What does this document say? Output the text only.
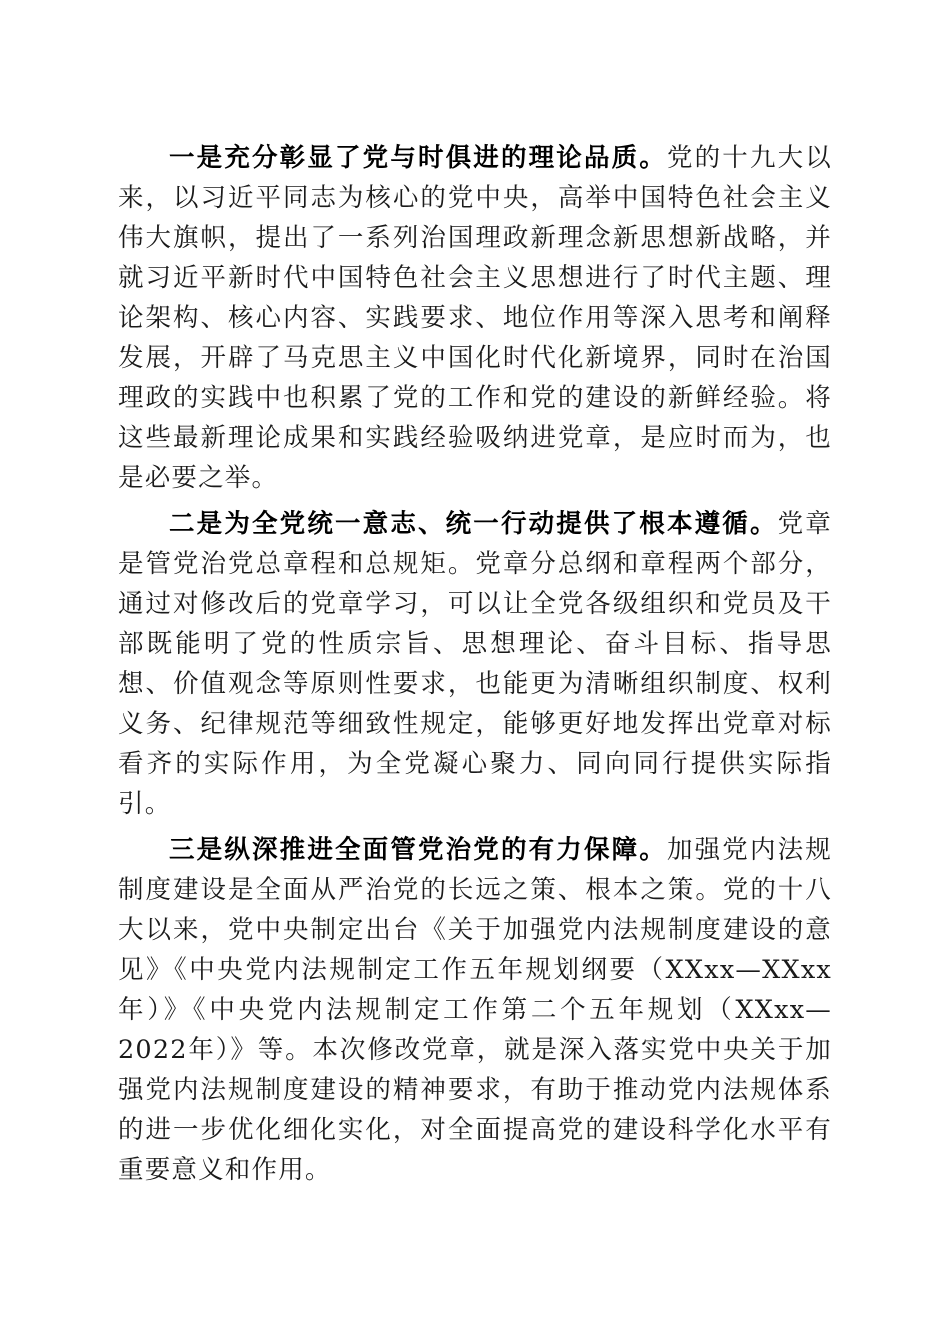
一是充分彰显了党与时俱进的理论品质。党的十九大以来，以习近平同志为核心的党中央，高举中国特色社会主义伟大旗帜，提出了一系列治国理政新理念新思想新战略，并就习近平新时代中国特色社会主义思想进行了时代主题、理论架构、核心内容、实践要求、地位作用等深入思考和阐释发展，开辟了马克思主义中国化时代化新境界，同时在治国理政的实践中也积累了党的工作和党的建设的新鲜经验。将这些最新理论成果和实践经验吸纳进党章，是应时而为，也是必要之举。

二是为全党统一意志、统一行动提供了根本遵循。党章是管党治党总章程和总规矩。党章分总纲和章程两个部分，通过对修改后的党章学习，可以让全党各级组织和党员及干部既能明了党的性质宗旨、思想理论、奋斗目标、指导思想、价值观念等原则性要求，也能更为清晰组织制度、权利义务、纪律规范等细致性规定，能够更好地发挥出党章对标看齐的实际作用，为全党凝心聚力、同向同行提供实际指引。

三是纵深推进全面管党治党的有力保障。加强党内法规制度建设是全面从严治党的长远之策、根本之策。党的十八大以来，党中央制定出台《关于加强党内法规制度建设的意见》《中央党内法规制定工作五年规划纲要（XXxx—XXxx年）》《中央党内法规制定工作第二个五年规划（XXxx—2022年）》等。本次修改党章，就是深入落实党中央关于加强党内法规制度建设的精神要求，有助于推动党内法规体系的进一步优化细化实化，对全面提高党的建设科学化水平有重要意义和作用。
